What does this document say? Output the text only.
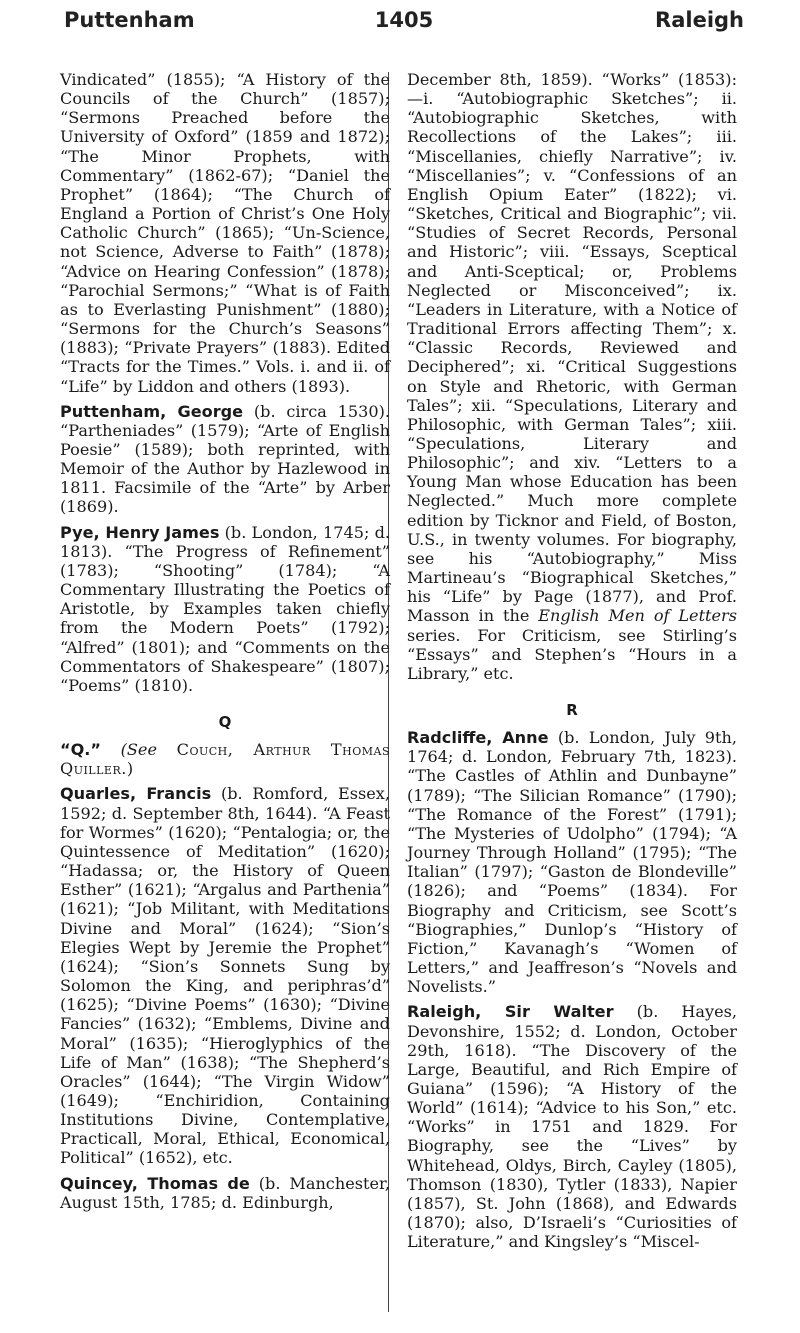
Puttenham	1405	Raleigh

Vindicated” (1855); “A History of the Councils of the Church” (1857); “Sermons Preached before the University of Oxford” (1859 and 1872); “The Minor Prophets, with Commentary” (1862-67); “Daniel the Prophet” (1864); “The Church of England a Portion of Christ’s One Holy Catholic Church” (1865); “Un-Science, not Science, Adverse to Faith” (1878); “Advice on Hearing Confession” (1878); “Parochial Sermons;” “What is of Faith as to Everlasting Punishment” (1880); “Sermons for the Church’s Seasons” (1883); “Private Prayers” (1883). Edited “Tracts for the Times.” Vols. i. and ii. of “Life” by Liddon and others (1893).

Puttenham, George (b. circa 1530). “Partheniades” (1579); “Arte of English Poesie” (1589); both reprinted, with Memoir of the Author by Hazlewood in 1811. Facsimile of the “Arte” by Arber (1869).

Pye, Henry James (b. London, 1745; d. 1813). “The Progress of Refinement” (1783); “Shooting” (1784); “A Commentary Illustrating the Poetics of Aristotle, by Examples taken chiefly from the Modern Poets” (1792); “Alfred” (1801); and “Comments on the Commentators of Shakespeare” (1807); “Poems” (1810).

Q

“Q.” (See Couch, Arthur Thomas Quiller.)

Quarles, Francis (b. Romford, Essex, 1592; d. September 8th, 1644). “A Feast for Wormes” (1620); “Pentalogia; or, the Quintessence of Meditation” (1620); “Hadassa; or, the History of Queen Esther” (1621); “Argalus and Parthenia” (1621); “Job Militant, with Meditations Divine and Moral” (1624); “Sion’s Elegies Wept by Jeremie the Prophet” (1624); “Sion’s Sonnets Sung by Solomon the King, and periphras’d” (1625); “Divine Poems” (1630); “Divine Fancies” (1632); “Emblems, Divine and Moral” (1635); “Hieroglyphics of the Life of Man” (1638); “The Shepherd’s Oracles” (1644); “The Virgin Widow” (1649); “Enchiridion, Containing Institutions Divine, Contemplative, Practicall, Moral, Ethical, Economical, Political” (1652), etc.

Quincey, Thomas de (b. Manchester, August 15th, 1785; d. Edinburgh,

December 8th, 1859). “Works” (1853): —i. “Autobiographic Sketches”; ii. “Autobiographic Sketches, with Recollections of the Lakes”; iii. “Miscellanies, chiefly Narrative”; iv. “Miscellanies”; v. “Confessions of an English Opium Eater” (1822); vi. “Sketches, Critical and Biographic”; vii. “Studies of Secret Records, Personal and Historic”; viii. “Essays, Sceptical and Anti-Sceptical; or, Problems Neglected or Misconceived”; ix. “Leaders in Literature, with a Notice of Traditional Errors affecting Them”; x. “Classic Records, Reviewed and Deciphered”; xi. “Critical Suggestions on Style and Rhetoric, with German Tales”; xii. “Speculations, Literary and Philosophic, with German Tales”; xiii. “Speculations, Literary and Philosophic”; and xiv. “Letters to a Young Man whose Education has been Neglected.” Much more complete edition by Ticknor and Field, of Boston, U.S., in twenty volumes. For biography, see his “Autobiography,” Miss Martineau’s “Biographical Sketches,” his “Life” by Page (1877), and Prof. Masson in the English Men of Letters series. For Criticism, see Stirling’s “Essays” and Stephen’s “Hours in a Library,” etc.

R

Radcliffe, Anne (b. London, July 9th, 1764; d. London, February 7th, 1823). “The Castles of Athlin and Dunbayne” (1789); “The Silician Romance” (1790); “The Romance of the Forest” (1791); “The Mysteries of Udolpho” (1794); “A Journey Through Holland” (1795); “The Italian” (1797); “Gaston de Blondeville” (1826); and “Poems” (1834). For Biography and Criticism, see Scott’s “Biographies,” Dunlop’s “History of Fiction,” Kavanagh’s “Women of Letters,” and Jeaffreson’s “Novels and Novelists.”

Raleigh, Sir Walter (b. Hayes, Devonshire, 1552; d. London, October 29th, 1618). “The Discovery of the Large, Beautiful, and Rich Empire of Guiana” (1596); “A History of the World” (1614); “Advice to his Son,” etc. “Works” in 1751 and 1829. For Biography, see the “Lives” by Whitehead, Oldys, Birch, Cayley (1805), Thomson (1830), Tytler (1833), Napier (1857), St. John (1868), and Edwards (1870); also, D’Israeli’s “Curiosities of Literature,” and Kingsley’s “Miscel-
